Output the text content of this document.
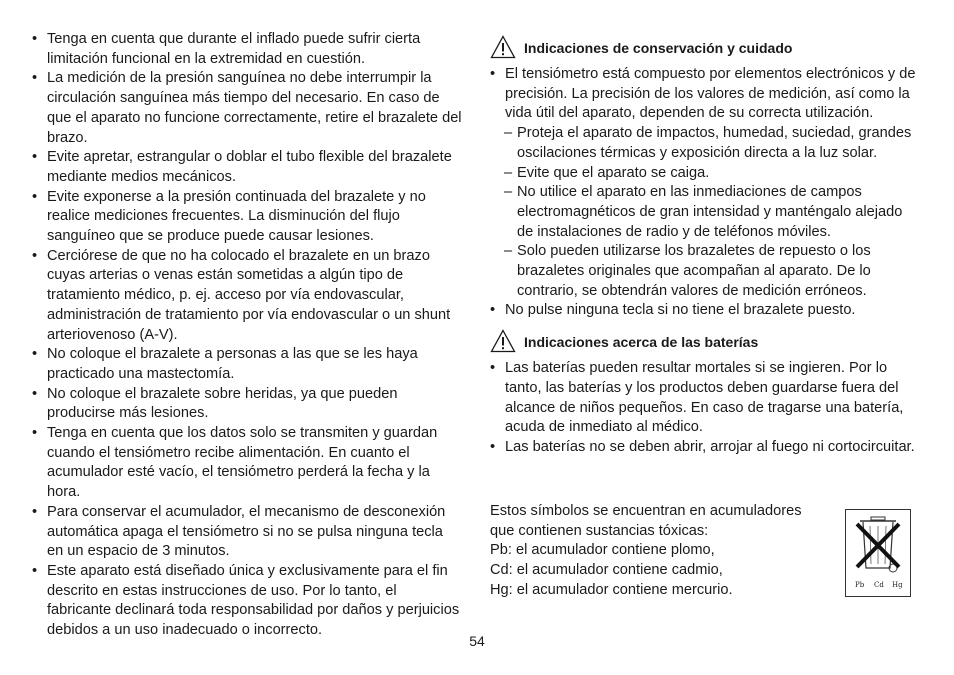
• Tenga en cuenta que durante el inflado puede sufrir cierta limitación funcional en la extremidad en cuestión.
• La medición de la presión sanguínea no debe interrumpir la circulación sanguínea más tiempo del necesario. En caso de que el aparato no funcione correctamente, retire el brazalete del brazo.
• Evite apretar, estrangular o doblar el tubo flexible del brazalete mediante medios mecánicos.
• Evite exponerse a la presión continuada del brazalete y no realice mediciones frecuentes. La disminución del flujo sanguíneo que se produce puede causar lesiones.
• Cerciórese de que no ha colocado el brazalete en un brazo cuyas arterias o venas están sometidas a algún tipo de tratamiento médico, p. ej. acceso por vía endovascular, administración de tratamiento por vía endovascular o un shunt arteriovenoso (A-V).
• No coloque el brazalete a personas a las que se les haya practicado una mastectomía.
• No coloque el brazalete sobre heridas, ya que pueden producirse más lesiones.
• Tenga en cuenta que los datos solo se transmiten y guardan cuando el tensiómetro recibe alimentación. En cuanto el acumulador esté vacío, el tensiómetro perderá la fecha y la hora.
• Para conservar el acumulador, el mecanismo de desconexión automática apaga el tensiómetro si no se pulsa ninguna tecla en un espacio de 3 minutos.
• Este aparato está diseñado única y exclusivamente para el fin descrito en estas instrucciones de uso. Por lo tanto, el fabricante declinará toda responsabilidad por daños y perjuicios debidos a un uso inadecuado o incorrecto.
Indicaciones de conservación y cuidado
• El tensiómetro está compuesto por elementos electrónicos y de precisión. La precisión de los valores de medición, así como la vida útil del aparato, dependen de su correcta utilización.
– Proteja el aparato de impactos, humedad, suciedad, grandes oscilaciones térmicas y exposición directa a la luz solar.
– Evite que el aparato se caiga.
– No utilice el aparato en las inmediaciones de campos electromagnéticos de gran intensidad y manténgalo alejado de instalaciones de radio y de teléfonos móviles.
– Solo pueden utilizarse los brazaletes de repuesto o los brazaletes originales que acompañan al aparato. De lo contrario, se obtendrán valores de medición erróneos.
• No pulse ninguna tecla si no tiene el brazalete puesto.
Indicaciones acerca de las baterías
• Las baterías pueden resultar mortales si se ingieren. Por lo tanto, las baterías y los productos deben guardarse fuera del alcance de niños pequeños. En caso de tragarse una batería, acuda de inmediato al médico.
• Las baterías no se deben abrir, arrojar al fuego ni cortocircuitar.

Estos símbolos se encuentran en acumuladores

que contienen sustancias tóxicas:

Pb: el acumulador contiene plomo,

Cd: el acumulador contiene cadmio,

Hg: el acumulador contiene mercurio.	Pb Cd Hg
54
